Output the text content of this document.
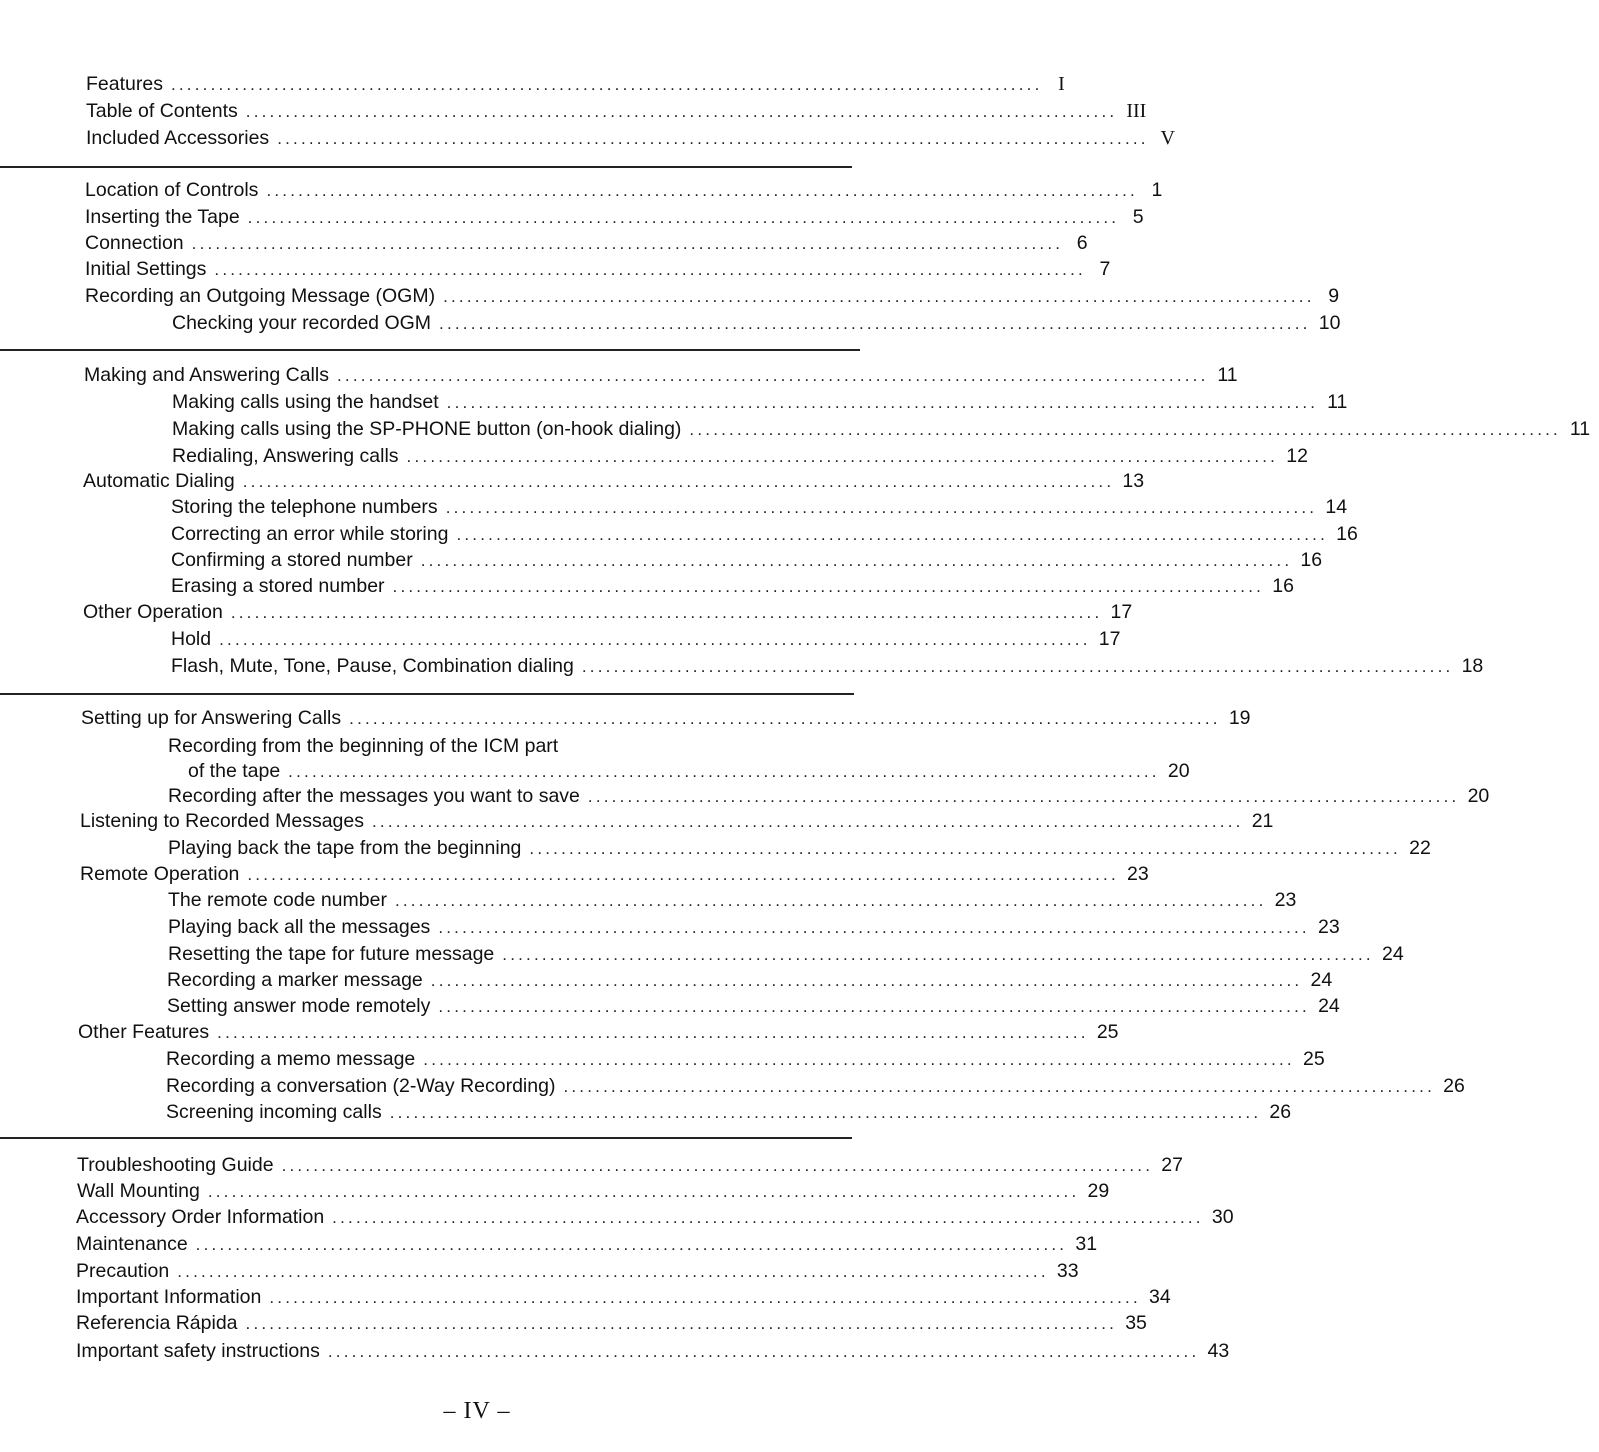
Features .............................................................................................................. I
Table of Contents .............................................................................................................. III
Included Accessories .............................................................................................................. V
Location of Controls .............................................................................................................. 1
Inserting the Tape .............................................................................................................. 5
Connection .............................................................................................................. 6
Initial Settings .............................................................................................................. 7
Recording an Outgoing Message (OGM) .............................................................................................................. 9
Checking your recorded OGM .............................................................................................................. 10
Making and Answering Calls .............................................................................................................. 11
Making calls using the handset .............................................................................................................. 11
Making calls using the SP-PHONE button (on-hook dialing) .............................................................................................................. 11
Redialing, Answering calls .............................................................................................................. 12
Automatic Dialing .............................................................................................................. 13
Storing the telephone numbers .............................................................................................................. 14
Correcting an error while storing .............................................................................................................. 16
Confirming a stored number .............................................................................................................. 16
Erasing a stored number .............................................................................................................. 16
Other Operation .............................................................................................................. 17
Hold .............................................................................................................. 17
Flash, Mute, Tone, Pause, Combination dialing .............................................................................................................. 18
Setting up for Answering Calls .............................................................................................................. 19
Recording from the beginning of the ICM part
of the tape .............................................................................................................. 20
Recording after the messages you want to save .............................................................................................................. 20
Listening to Recorded Messages .............................................................................................................. 21
Playing back the tape from the beginning .............................................................................................................. 22
Remote Operation .............................................................................................................. 23
The remote code number .............................................................................................................. 23
Playing back all the messages .............................................................................................................. 23
Resetting the tape for future message .............................................................................................................. 24
Recording a marker message .............................................................................................................. 24
Setting answer mode remotely .............................................................................................................. 24
Other Features .............................................................................................................. 25
Recording a memo message .............................................................................................................. 25
Recording a conversation (2-Way Recording) .............................................................................................................. 26
Screening incoming calls .............................................................................................................. 26
Troubleshooting Guide .............................................................................................................. 27
Wall Mounting .............................................................................................................. 29
Accessory Order Information .............................................................................................................. 30
Maintenance .............................................................................................................. 31
Precaution .............................................................................................................. 33
Important Information .............................................................................................................. 34
Referencia Rápida .............................................................................................................. 35
Important safety instructions .............................................................................................................. 43
– IV –
